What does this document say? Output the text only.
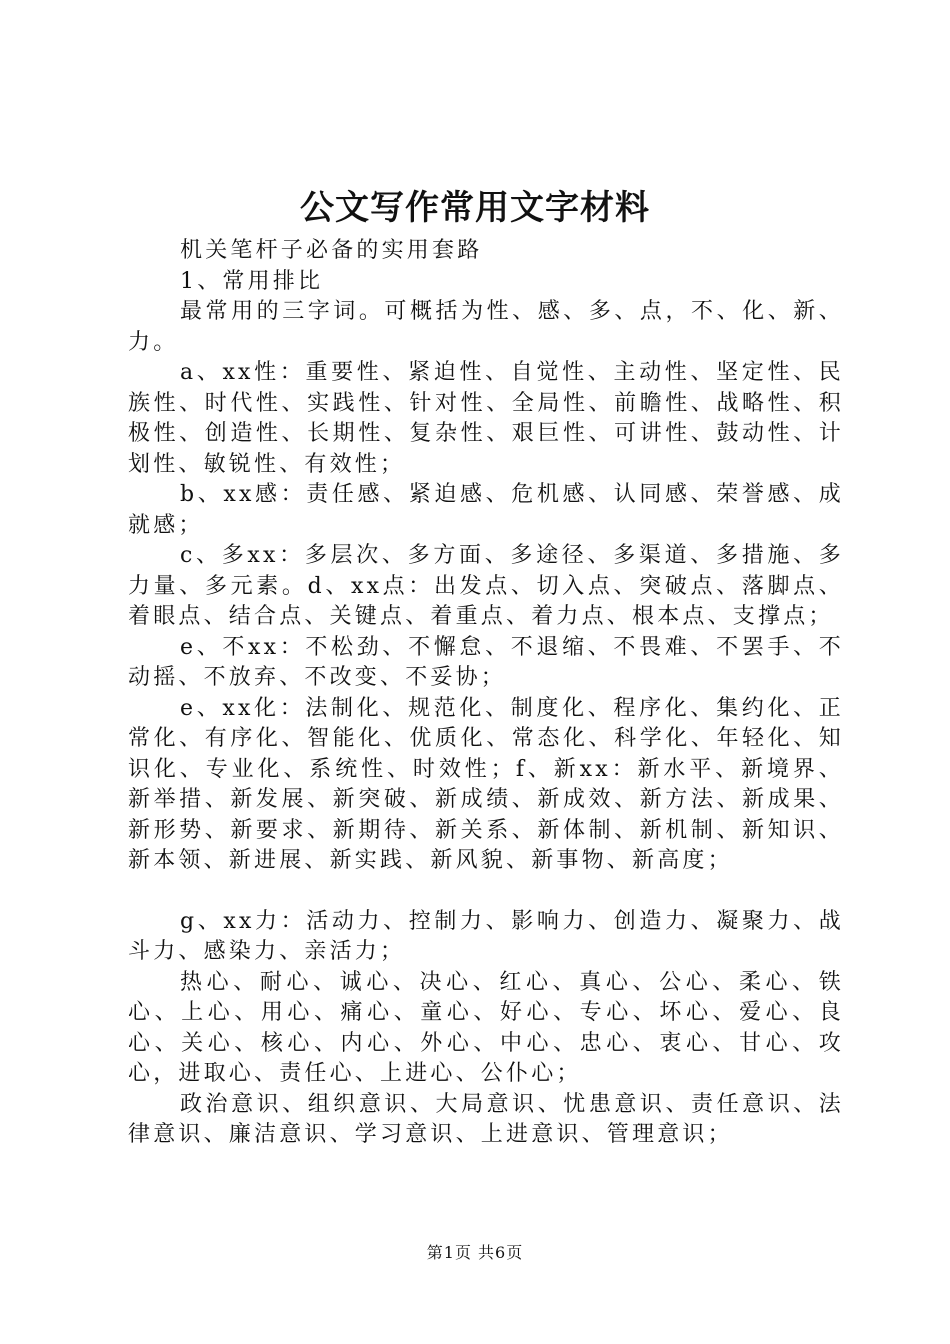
公文写作常用文字材料

机关笔杆子必备的实用套路

1、常用排比

最常用的三字词。可概括为性、感、多、点，不、化、新、力。

a、xx性：重要性、紧迫性、自觉性、主动性、坚定性、民族性、时代性、实践性、针对性、全局性、前瞻性、战略性、积极性、创造性、长期性、复杂性、艰巨性、可讲性、鼓动性、计划性、敏锐性、有效性；

b、xx感：责任感、紧迫感、危机感、认同感、荣誉感、成就感；

c、多xx：多层次、多方面、多途径、多渠道、多措施、多力量、多元素。d、xx点：出发点、切入点、突破点、落脚点、着眼点、结合点、关键点、着重点、着力点、根本点、支撑点；

e、不xx：不松劲、不懈怠、不退缩、不畏难、不罢手、不动摇、不放弃、不改变、不妥协；

e、xx化：法制化、规范化、制度化、程序化、集约化、正常化、有序化、智能化、优质化、常态化、科学化、年轻化、知识化、专业化、系统性、时效性；f、新xx：新水平、新境界、新举措、新发展、新突破、新成绩、新成效、新方法、新成果、新形势、新要求、新期待、新关系、新体制、新机制、新知识、新本领、新进展、新实践、新风貌、新事物、新高度；

g、xx力：活动力、控制力、影响力、创造力、凝聚力、战斗力、感染力、亲活力；

热心、耐心、诚心、决心、红心、真心、公心、柔心、铁心、上心、用心、痛心、童心、好心、专心、坏心、爱心、良心、关心、核心、内心、外心、中心、忠心、衷心、甘心、攻心，进取心、责任心、上进心、公仆心；

政治意识、组织意识、大局意识、忧患意识、责任意识、法律意识、廉洁意识、学习意识、上进意识、管理意识；

第1页 共6页
